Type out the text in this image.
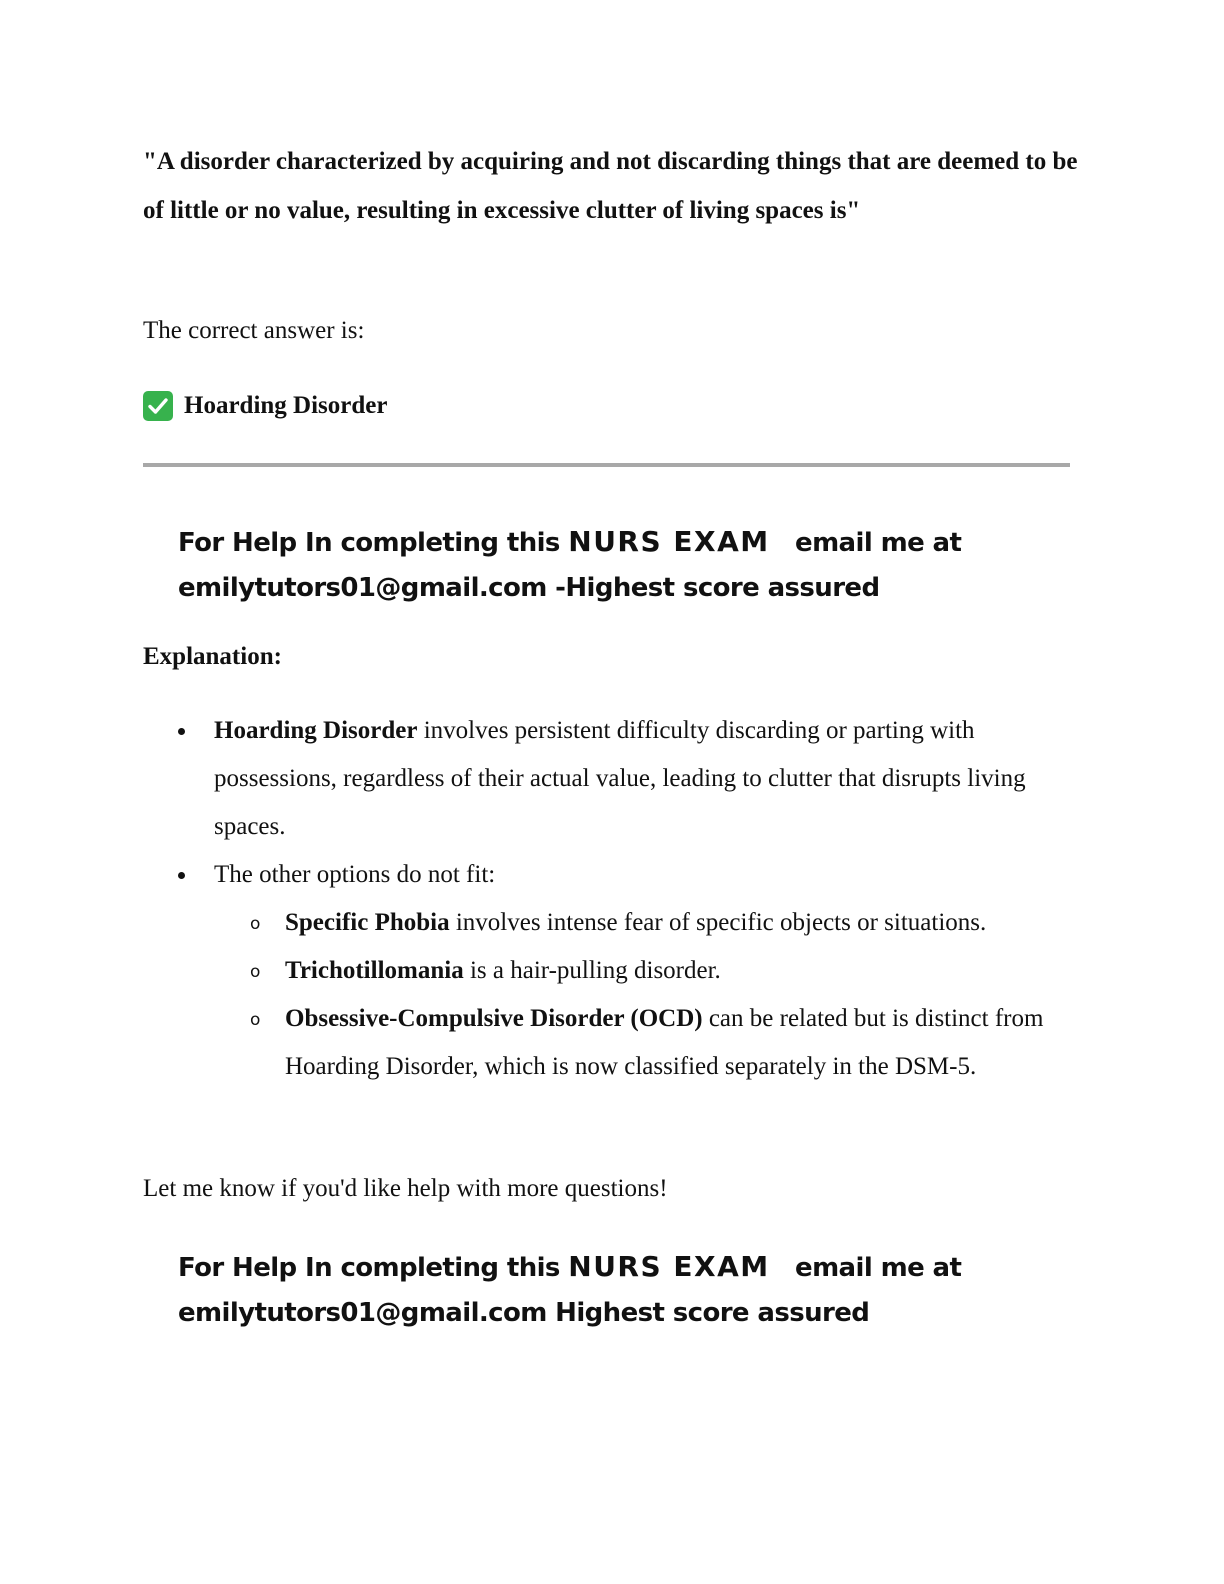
"A disorder characterized by acquiring and not discarding things that are deemed to be of little or no value, resulting in excessive clutter of living spaces is"

The correct answer is:

Hoarding Disorder

For Help In completing this NURS EXAM email me at
emilytutors01@gmail.com -Highest score assured

Explanation:

Hoarding Disorder involves persistent difficulty discarding or parting with possessions, regardless of their actual value, leading to clutter that disrupts living spaces.
The other options do not fit:
o Specific Phobia involves intense fear of specific objects or situations.
o Trichotillomania is a hair-pulling disorder.
o Obsessive-Compulsive Disorder (OCD) can be related but is distinct from Hoarding Disorder, which is now classified separately in the DSM-5.

Let me know if you'd like help with more questions!

For Help In completing this NURS EXAM email me at
emilytutors01@gmail.com Highest score assured
